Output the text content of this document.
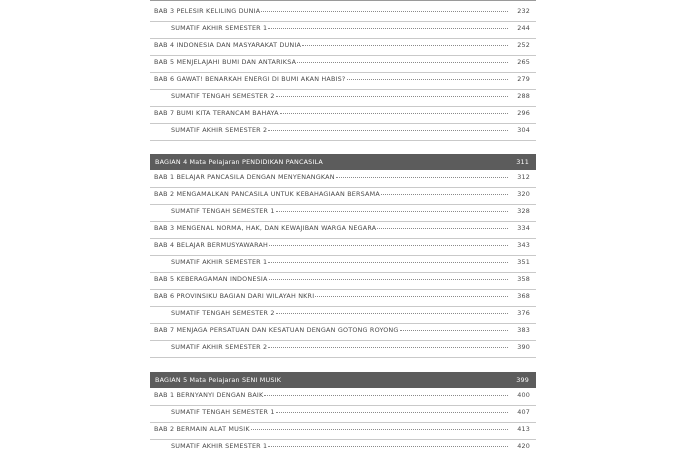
BAB 3 PELESIR KELILING DUNIA	232
SUMATIF AKHIR SEMESTER 1	244
BAB 4 INDONESIA DAN MASYARAKAT DUNIA	252
BAB 5 MENJELAJAHI BUMI DAN ANTARIKSA	265
BAB 6 GAWAT! BENARKAH ENERGI DI BUMI AKAN HABIS?	279
SUMATIF TENGAH SEMESTER 2	288
BAB 7 BUMI KITA TERANCAM BAHAYA	296
SUMATIF AKHIR SEMESTER 2	304
BAGIAN 4 Mata Pelajaran PENDIDIKAN PANCASILA	311
BAB 1 BELAJAR PANCASILA DENGAN MENYENANGKAN	312
BAB 2 MENGAMALKAN PANCASILA UNTUK KEBAHAGIAAN BERSAMA	320
SUMATIF TENGAH SEMESTER 1	328
BAB 3 MENGENAL NORMA, HAK, DAN KEWAJIBAN WARGA NEGARA	334
BAB 4 BELAJAR BERMUSYAWARAH	343
SUMATIF AKHIR SEMESTER 1	351
BAB 5 KEBERAGAMAN INDONESIA	358
BAB 6 PROVINSIKU BAGIAN DARI WILAYAH NKRI	368
SUMATIF TENGAH SEMESTER 2	376
BAB 7 MENJAGA PERSATUAN DAN KESATUAN DENGAN GOTONG ROYONG	383
SUMATIF AKHIR SEMESTER 2	390
BAGIAN 5 Mata Pelajaran SENI MUSIK	399
BAB 1 BERNYANYI DENGAN BAIK	400
SUMATIF TENGAH SEMESTER 1	407
BAB 2 BERMAIN ALAT MUSIK	413
SUMATIF AKHIR SEMESTER 1	420
